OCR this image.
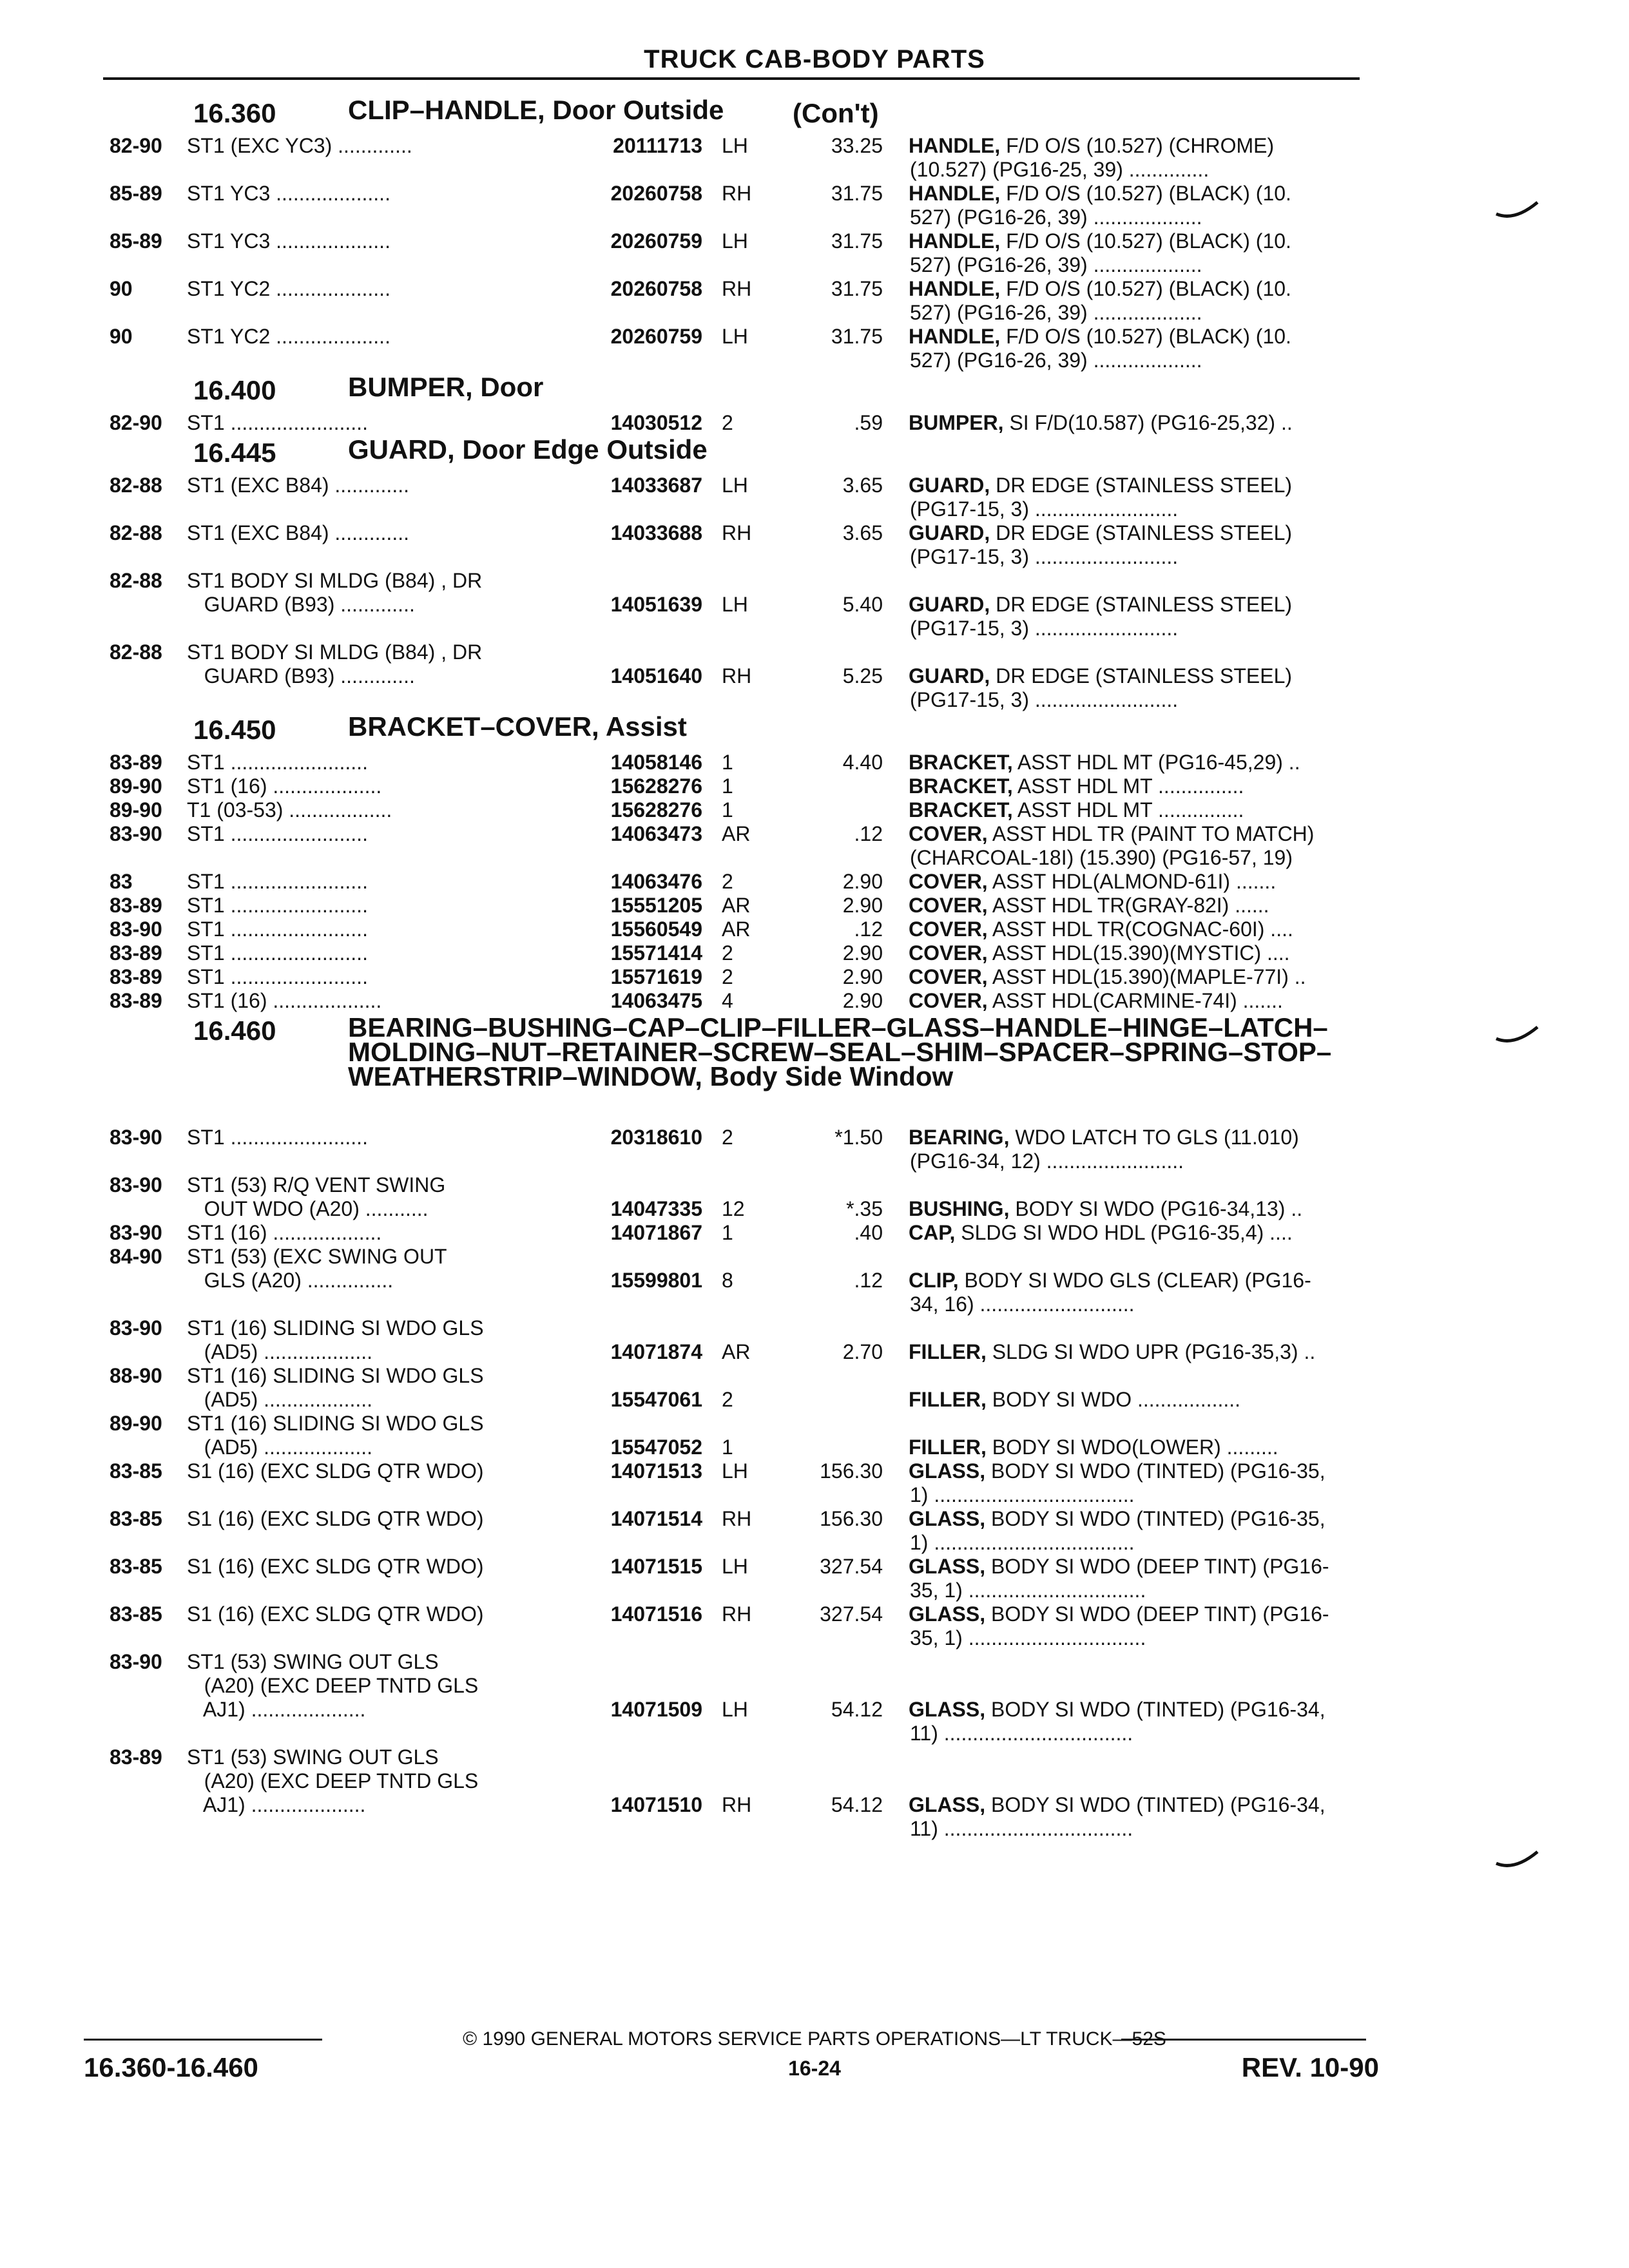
TRUCK CAB-BODY PARTS
16.360	CLIP–HANDLE, Door Outside	(Con't)
82-90 ST1 (EXC YC3) .............	20111713 LH	33.25 HANDLE, F/D O/S (10.527) (CHROME)
(10.527) (PG16-25, 39) ..............
85-89 ST1 YC3 ....................	20260758 RH	31.75 HANDLE, F/D O/S (10.527) (BLACK) (10.
527) (PG16-26, 39) ...................
85-89 ST1 YC3 ....................	20260759 LH	31.75 HANDLE, F/D O/S (10.527) (BLACK) (10.
527) (PG16-26, 39) ...................
90	ST1 YC2 ....................	20260758 RH	31.75 HANDLE, F/D O/S (10.527) (BLACK) (10.
527) (PG16-26, 39) ...................
90	ST1 YC2 ....................	20260759 LH	31.75 HANDLE, F/D O/S (10.527) (BLACK) (10.
527) (PG16-26, 39) ...................
16.400	BUMPER, Door
82-90 ST1 ........................	14030512 2	.59 BUMPER, SI F/D(10.587) (PG16-25,32) ..
16.445	GUARD, Door Edge Outside
82-88 ST1 (EXC B84) .............	14033687 LH	3.65 GUARD, DR EDGE (STAINLESS STEEL)
(PG17-15, 3) .........................
82-88 ST1 (EXC B84) .............	14033688 RH	3.65 GUARD, DR EDGE (STAINLESS STEEL)
(PG17-15, 3) .........................
82-88 ST1 BODY SI MLDG (B84) , DR
GUARD (B93) .............	14051639 LH	5.40 GUARD, DR EDGE (STAINLESS STEEL)
(PG17-15, 3) .........................
82-88 ST1 BODY SI MLDG (B84) , DR
GUARD (B93) .............	14051640 RH	5.25 GUARD, DR EDGE (STAINLESS STEEL)
(PG17-15, 3) .........................
16.450	BRACKET–COVER, Assist
83-89 ST1 ........................	14058146 1	4.40 BRACKET, ASST HDL MT (PG16-45,29) ..
89-90 ST1 (16) ...................	15628276 1	BRACKET, ASST HDL MT ...............
89-90 T1 (03-53) ..................	15628276 1	BRACKET, ASST HDL MT ...............
83-90 ST1 ........................	14063473 AR	.12 COVER, ASST HDL TR (PAINT TO MATCH)
(CHARCOAL-18I) (15.390) (PG16-57, 19)
83	ST1 ........................	14063476 2	2.90 COVER, ASST HDL(ALMOND-61I) .......
83-89 ST1 ........................	15551205 AR	2.90 COVER, ASST HDL TR(GRAY-82I) ......
83-90 ST1 ........................	15560549 AR	.12 COVER, ASST HDL TR(COGNAC-60I) ....
83-89 ST1 ........................	15571414 2	2.90 COVER, ASST HDL(15.390)(MYSTIC) ....
83-89 ST1 ........................	15571619 2	2.90 COVER, ASST HDL(15.390)(MAPLE-77I) ..
83-89 ST1 (16) ...................	14063475 4	2.90 COVER, ASST HDL(CARMINE-74I) .......
16.460	BEARING–BUSHING–CAP–CLIP–FILLER–GLASS–HANDLE–HINGE–LATCH–MOLDING–NUT–RETAINER–SCREW–SEAL–SHIM–SPACER–SPRING–STOP–WEATHERSTRIP–WINDOW, Body Side Window
83-90 ST1 ........................	20318610 2	*1.50 BEARING, WDO LATCH TO GLS (11.010)
(PG16-34, 12) ........................
83-90 ST1 (53) R/Q VENT SWING
OUT WDO (A20) ...........	14047335 12	*.35 BUSHING, BODY SI WDO (PG16-34,13) ..
83-90 ST1 (16) ...................	14071867 1	.40 CAP, SLDG SI WDO HDL (PG16-35,4) ....
84-90 ST1 (53) (EXC SWING OUT
GLS (A20) ...............	15599801 8	.12 CLIP, BODY SI WDO GLS (CLEAR) (PG16-
34, 16) ...........................
83-90 ST1 (16) SLIDING SI WDO GLS
(AD5) ...................	14071874 AR	2.70 FILLER, SLDG SI WDO UPR (PG16-35,3) ..
88-90 ST1 (16) SLIDING SI WDO GLS
(AD5) ...................	15547061 2	FILLER, BODY SI WDO ..................
89-90 ST1 (16) SLIDING SI WDO GLS
(AD5) ...................	15547052 1	FILLER, BODY SI WDO(LOWER) .........
83-85 S1 (16) (EXC SLDG QTR WDO)	14071513 LH	156.30 GLASS, BODY SI WDO (TINTED) (PG16-35,
1) ...................................
83-85 S1 (16) (EXC SLDG QTR WDO)	14071514 RH	156.30 GLASS, BODY SI WDO (TINTED) (PG16-35,
1) ...................................
83-85 S1 (16) (EXC SLDG QTR WDO)	14071515 LH	327.54 GLASS, BODY SI WDO (DEEP TINT) (PG16-
35, 1) ...............................
83-85 S1 (16) (EXC SLDG QTR WDO)	14071516 RH	327.54 GLASS, BODY SI WDO (DEEP TINT) (PG16-
35, 1) ...............................
83-90 ST1 (53) SWING OUT GLS
(A20) (EXC DEEP TNTD GLS
AJ1) ....................	14071509 LH	54.12 GLASS, BODY SI WDO (TINTED) (PG16-34,
11) .................................
83-89 ST1 (53) SWING OUT GLS
(A20) (EXC DEEP TNTD GLS
AJ1) ....................	14071510 RH	54.12 GLASS, BODY SI WDO (TINTED) (PG16-34,
11) .................................
© 1990 GENERAL MOTORS SERVICE PARTS OPERATIONS—LT TRUCK—52S
16.360-16.460	16-24	REV. 10-90
